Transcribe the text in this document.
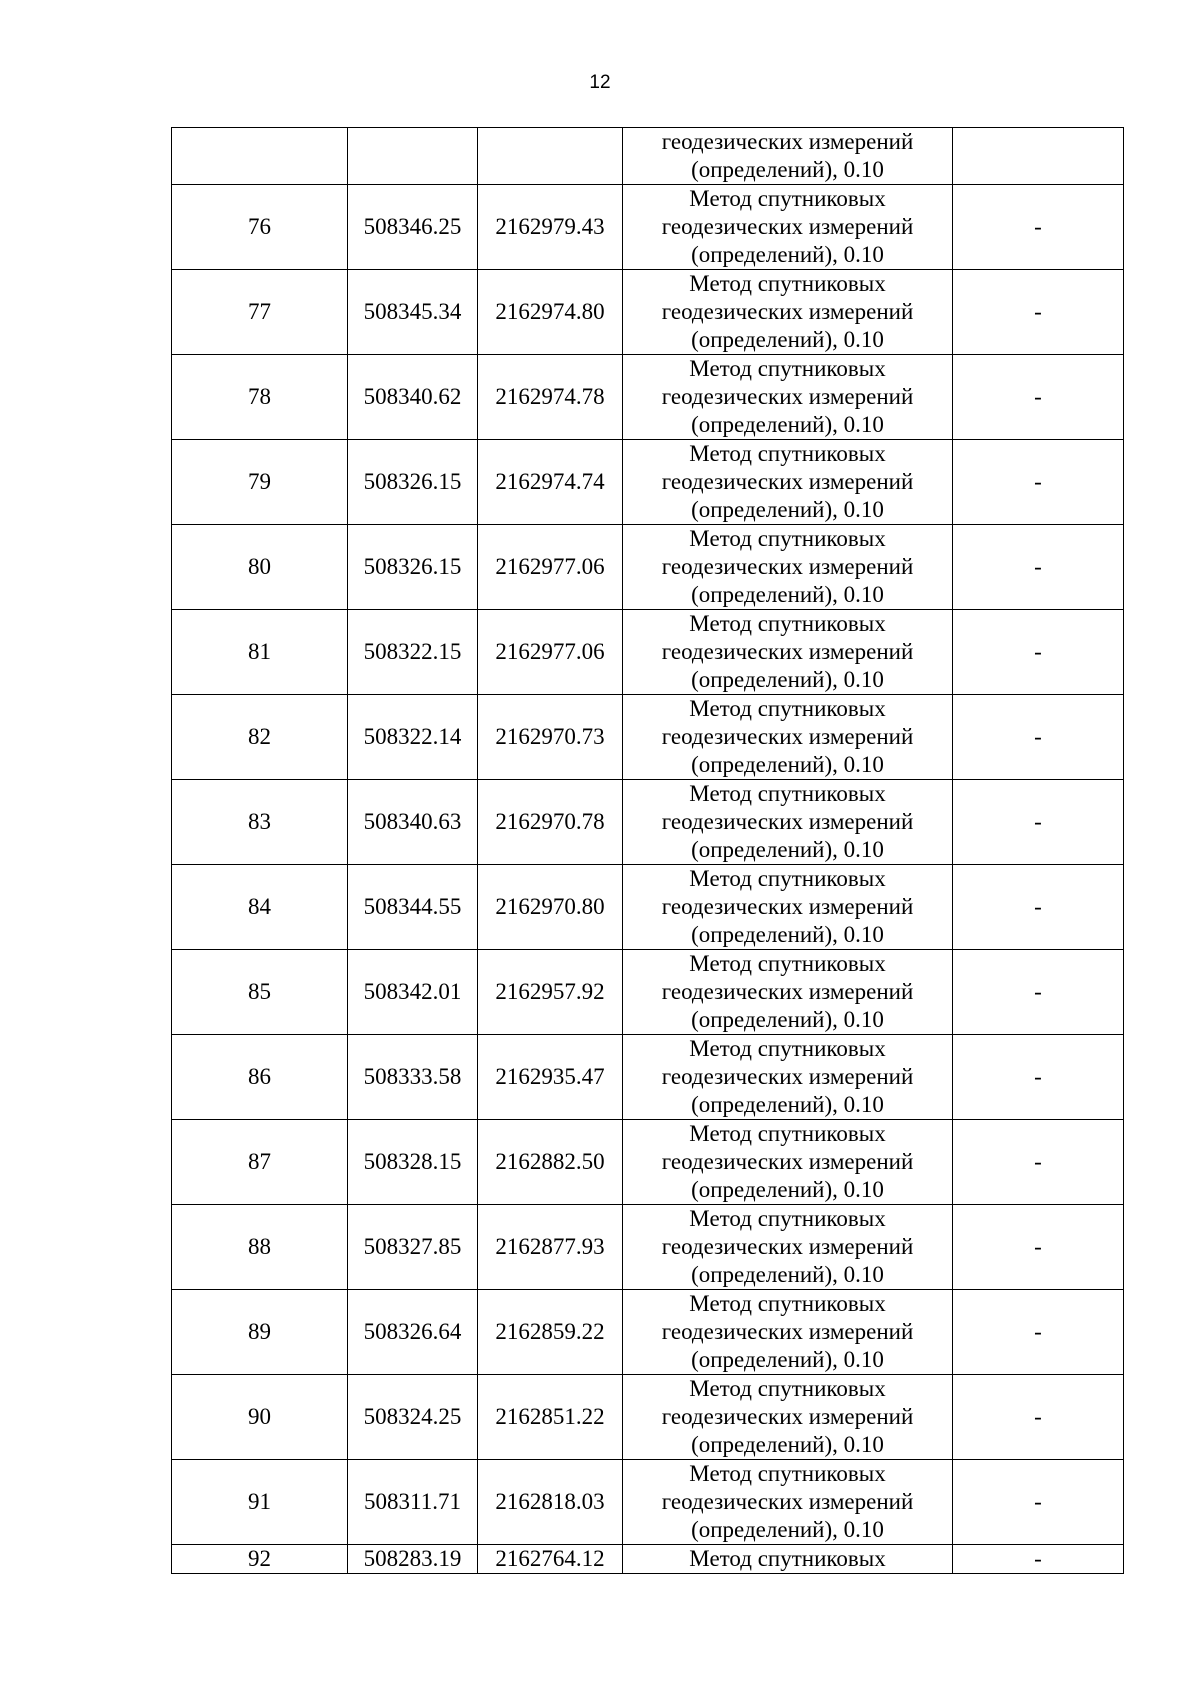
12

			геодезических измерений
(определений), 0.10	

76	508346.25	2162979.43	Метод спутниковых
геодезических измерений
(определений), 0.10	-
77	508345.34	2162974.80	Метод спутниковых
геодезических измерений
(определений), 0.10	-
78	508340.62	2162974.78	Метод спутниковых
геодезических измерений
(определений), 0.10	-
79	508326.15	2162974.74	Метод спутниковых
геодезических измерений
(определений), 0.10	-
80	508326.15	2162977.06	Метод спутниковых
геодезических измерений
(определений), 0.10	-
81	508322.15	2162977.06	Метод спутниковых
геодезических измерений
(определений), 0.10	-
82	508322.14	2162970.73	Метод спутниковых
геодезических измерений
(определений), 0.10	-
83	508340.63	2162970.78	Метод спутниковых
геодезических измерений
(определений), 0.10	-
84	508344.55	2162970.80	Метод спутниковых
геодезических измерений
(определений), 0.10	-
85	508342.01	2162957.92	Метод спутниковых
геодезических измерений
(определений), 0.10	-
86	508333.58	2162935.47	Метод спутниковых
геодезических измерений
(определений), 0.10	-
87	508328.15	2162882.50	Метод спутниковых
геодезических измерений
(определений), 0.10	-
88	508327.85	2162877.93	Метод спутниковых
геодезических измерений
(определений), 0.10	-
89	508326.64	2162859.22	Метод спутниковых
геодезических измерений
(определений), 0.10	-
90	508324.25	2162851.22	Метод спутниковых
геодезических измерений
(определений), 0.10	-
91	508311.71	2162818.03	Метод спутниковых
геодезических измерений
(определений), 0.10	-
92	508283.19	2162764.12	Метод спутниковых	-
